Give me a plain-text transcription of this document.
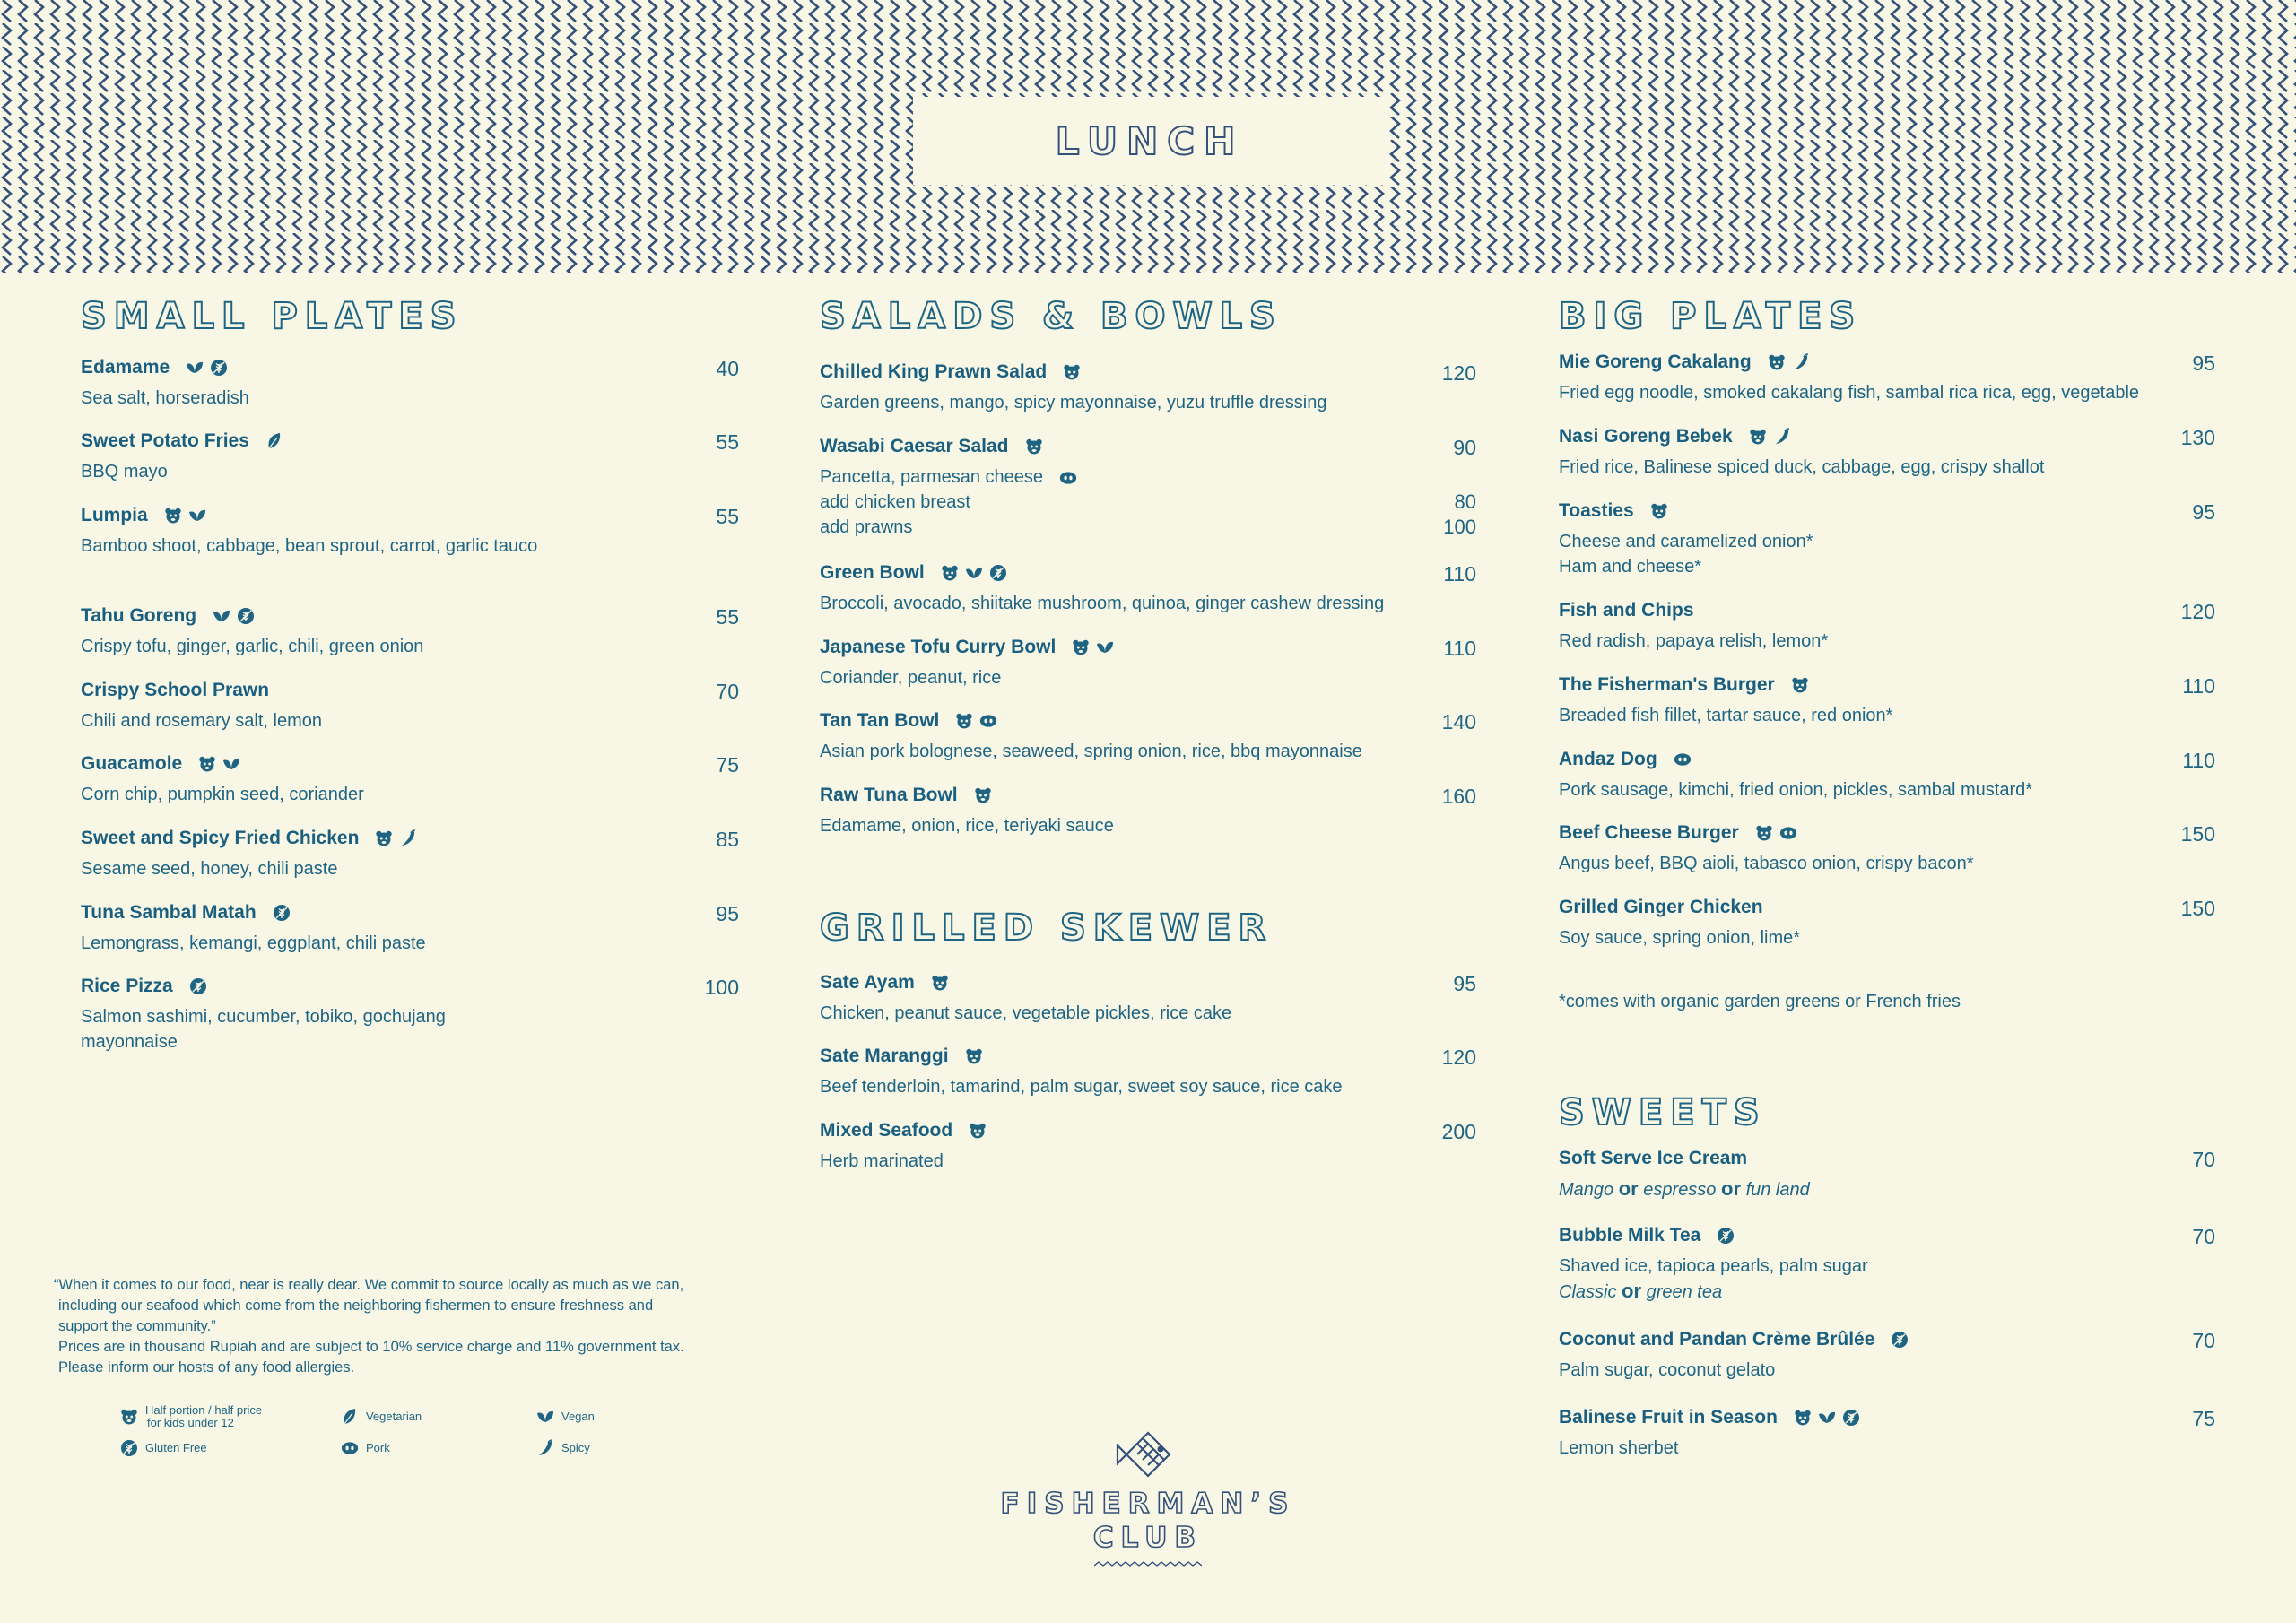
LUNCH
SMALL PLATES
Edamame	40
Sea salt, horseradish
Sweet Potato Fries	55
BBQ mayo
Lumpia	55
Bamboo shoot, cabbage, bean sprout, carrot, garlic tauco
Tahu Goreng	55
Crispy tofu, ginger, garlic, chili, green onion
Crispy School Prawn	70
Chili and rosemary salt, lemon
Guacamole	75
Corn chip, pumpkin seed, coriander
Sweet and Spicy Fried Chicken	85
Sesame seed, honey, chili paste
Tuna Sambal Matah	95
Lemongrass, kemangi, eggplant, chili paste
Rice Pizza	100
Salmon sashimi, cucumber, tobiko, gochujang mayonnaise
SALADS & BOWLS
Chilled King Prawn Salad	120
Garden greens, mango, spicy mayonnaise, yuzu truffle dressing
Wasabi Caesar Salad	90
Pancetta, parmesan cheese
add chicken breast	80
add prawns	100
Green Bowl	110
Broccoli, avocado, shiitake mushroom, quinoa, ginger cashew dressing
Japanese Tofu Curry Bowl	110
Coriander, peanut, rice
Tan Tan Bowl	140
Asian pork bolognese, seaweed, spring onion, rice, bbq mayonnaise
Raw Tuna Bowl	160
Edamame, onion, rice, teriyaki sauce
GRILLED SKEWER
Sate Ayam	95
Chicken, peanut sauce, vegetable pickles, rice cake
Sate Maranggi	120
Beef tenderloin, tamarind, palm sugar, sweet soy sauce, rice cake
Mixed Seafood	200
Herb marinated
BIG PLATES
Mie Goreng Cakalang	95
Fried egg noodle, smoked cakalang fish, sambal rica rica, egg, vegetable
Nasi Goreng Bebek	130
Fried rice, Balinese spiced duck, cabbage, egg, crispy shallot
Toasties	95
Cheese and caramelized onion*
Ham and cheese*
Fish and Chips	120
Red radish, papaya relish, lemon*
The Fisherman's Burger	110
Breaded fish fillet, tartar sauce, red onion*
Andaz Dog	110
Pork sausage, kimchi, fried onion, pickles, sambal mustard*
Beef Cheese Burger	150
Angus beef, BBQ aioli, tabasco onion, crispy bacon*
Grilled Ginger Chicken	150
Soy sauce, spring onion, lime*
*comes with organic garden greens or French fries
SWEETS
Soft Serve Ice Cream	70
Mango or espresso or fun land
Bubble Milk Tea	70
Shaved ice, tapioca pearls, palm sugar
Classic or green tea
Coconut and Pandan Crème Brûlée	70
Palm sugar, coconut gelato
Balinese Fruit in Season	75
Lemon sherbet
“When it comes to our food, near is really dear. We commit to source locally as much as we can,
including our seafood which come from the neighboring fishermen to ensure freshness and
support the community.”
Prices are in thousand Rupiah and are subject to 10% service charge and 11% government tax.
Please inform our hosts of any food allergies.
Half portion / half price
for kids under 12	Vegetarian	Vegan
Gluten Free	Pork	Spicy
FISHERMAN’S
CLUB
